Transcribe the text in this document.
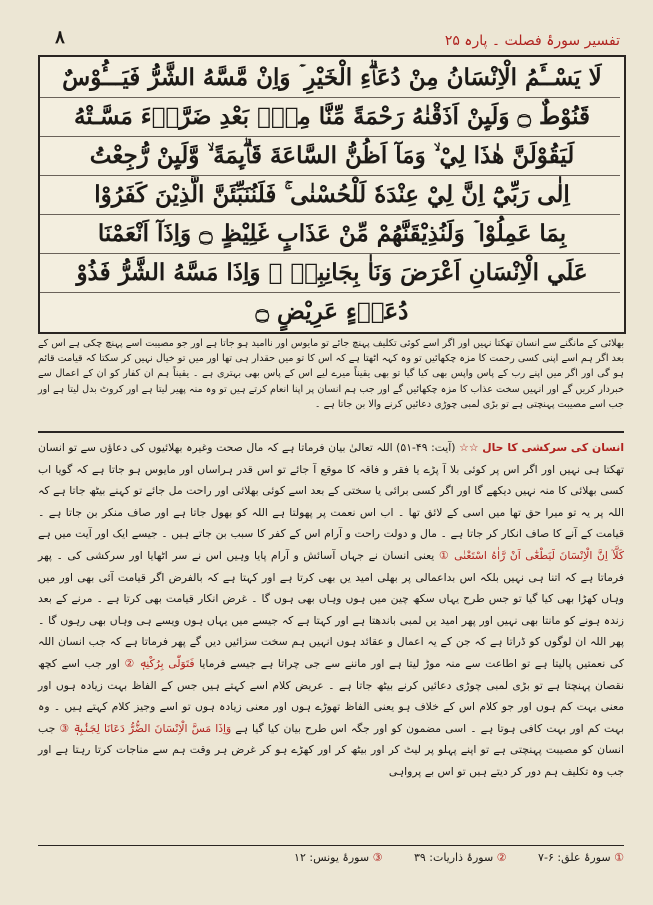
۸	تفسیر سورۂ فصلت ۔ پارہ ۲۵
لَا يَسْــَٔمُ الْاِنْسَانُ مِنْ دُعَاۗءِ الْخَيْرِ ۡ وَاِنْ مَّسَّهُ الشَّرُّ فَيَـــُٔوْسٌ
قَنُوْطٌ ۝ وَلَىِٕنْ اَذَقْنٰهُ رَحْمَةً مِّنَّا مِنْۢ بَعْدِ ضَرَّاۗءَ مَسَّـتْهُ
لَيَقُوْلَنَّ هٰذَا لِيْ ۙ وَمَآ اَظُنُّ السَّاعَةَ قَاۗىِٕمَةً ۙ وَّلَىِٕنْ رُّجِعْتُ
اِلٰى رَبِّيْٓ اِنَّ لِيْ عِنْدَهٗ لَلْحُسْنٰى ۚ فَلَنُنَبِّئَنَّ الَّذِيْنَ كَفَرُوْا
بِمَا عَمِلُوْا ۡ وَلَنُذِيْقَنَّهُمْ مِّنْ عَذَابٍ غَلِيْظٍ ۝ وَاِذَآ اَنْعَمْنَا
عَلَي الْاِنْسَانِ اَعْرَضَ وَنَاٰ بِجَانِبِهٖ ۚ وَاِذَا مَسَّهُ الشَّرُّ فَذُوْ
دُعَاۗءٍ عَرِيْضٍ ۝
بھلائی کے مانگنے سے انسان تھکتا نہیں اور اگر اسے کوئی تکلیف پہنچ جائے تو مایوس اور ناامید ہو جاتا ہے اور جو مصیبت اسے پہنچ چکی ہے اس کے بعد اگر ہم اسے اپنی کسی رحمت کا مزہ چکھائیں تو وہ کہہ اٹھتا ہے کہ اس کا تو میں حقدار ہی تھا اور میں تو خیال نہیں کر سکتا کہ قیامت قائم ہو گی اور اگر میں اپنے رب کے پاس واپس بھی کیا گیا تو بھی یقیناً میرے لیے اس کے پاس بھی بہتری ہے ۔ یقیناً ہم ان کفار کو ان کے اعمال سے خبردار کریں گے اور انہیں سخت عذاب کا مزہ چکھائیں گے اور جب ہم انسان پر اپنا انعام کرتے ہیں تو وہ منہ پھیر لیتا ہے اور کروٹ بدل لیتا ہے اور جب اسے مصیبت پہنچتی ہے تو بڑی لمبی چوڑی دعائیں کرنے والا بن جاتا ہے ۔
انسان کی سرکشی کا حال ☆☆ (آیت: ۴۹-۵۱) اللہ تعالیٰ بیان فرماتا ہے کہ مال صحت وغیرہ بھلائیوں کی دعاؤں سے تو انسان تھکتا ہی نہیں اور اگر اس پر کوئی بلا آ پڑے یا فقر و فاقہ کا موقع آ جائے تو اس قدر ہراساں اور مایوس ہو جاتا ہے کہ گویا اب کسی بھلائی کا منہ نہیں دیکھے گا اور اگر کسی برائی یا سختی کے بعد اسے کوئی بھلائی اور راحت مل جائے تو کہنے بیٹھ جاتا ہے کہ اللہ پر یہ تو میرا حق تھا میں اسی کے لائق تھا ۔ اب اس نعمت پر پھولتا ہے اللہ کو بھول جاتا ہے اور صاف منکر بن جاتا ہے ۔ قیامت کے آنے کا صاف انکار کر جاتا ہے ۔ مال و دولت راحت و آرام اس کے کفر کا سبب بن جاتے ہیں ۔ جیسے ایک اور آیت میں ہے كَلَّآ اِنَّ الْاِنْسَانَ لَيَطْغٰٓى اَنْ رَّاٰهُ اسْتَغْنٰى ① یعنی انسان نے جہاں آسائش و آرام پایا وہیں اس نے سر اٹھایا اور سرکشی کی ۔ پھر فرماتا ہے کہ اتنا ہی نہیں بلکہ اس بداعمالی پر بھلی امید یں بھی کرتا ہے اور کہتا ہے کہ بالفرض اگر قیامت آئی بھی اور میں وہاں کھڑا بھی کیا گیا تو جس طرح یہاں سکھ چین میں ہوں وہاں بھی ہوں گا ۔ غرض انکار قیامت بھی کرتا ہے ۔ مرنے کے بعد زندہ ہونے کو مانتا بھی نہیں اور پھر امید یں لمبی باندھتا ہے اور کہتا ہے کہ جیسے میں یہاں ہوں ویسے ہی وہاں بھی رہوں گا ۔ پھر اللہ ان لوگوں کو ڈراتا ہے کہ جن کے یہ اعمال و عقائد ہوں انہیں ہم سخت سزائیں دیں گے پھر فرماتا ہے کہ جب انسان اللہ کی نعمتیں پالیتا ہے تو اطاعت سے منہ موڑ لیتا ہے اور ماننے سے جی چراتا ہے جیسے فرمایا فَتَوَلّٰى بِرُكْنِهٖ ② اور جب اسے کچھ نقصان پہنچتا ہے تو بڑی لمبی چوڑی دعائیں کرنے بیٹھ جاتا ہے ۔ عریض کلام اسے کہتے ہیں جس کے الفاظ بہت زیادہ ہوں اور معنی بہت کم ہوں اور جو کلام اس کے خلاف ہو یعنی الفاظ تھوڑے ہوں اور معنی زیادہ ہوں تو اسے وجیز کلام کہتے ہیں ۔ وہ بہت کم اور بہت کافی ہوتا ہے ۔ اسی مضمون کو اور جگہ اس طرح بیان کیا گیا ہے وَاِذَا مَسَّ الْاِنْسَانَ الضُّرُّ دَعَانَا لِجَنْۢبِهٖٓ ③ جب انسان کو مصیبت پہنچتی ہے تو اپنے پہلو پر لیٹ کر اور بیٹھ کر اور کھڑے ہو کر غرض ہر وقت ہم سے مناجات کرتا رہتا ہے اور جب وہ تکلیف ہم دور کر دیتے ہیں تو اس بے پرواہی
① سورۂ علق: ۶-۷ ② سورۂ ذاریات: ۳۹ ③ سورۂ یونس: ۱۲
